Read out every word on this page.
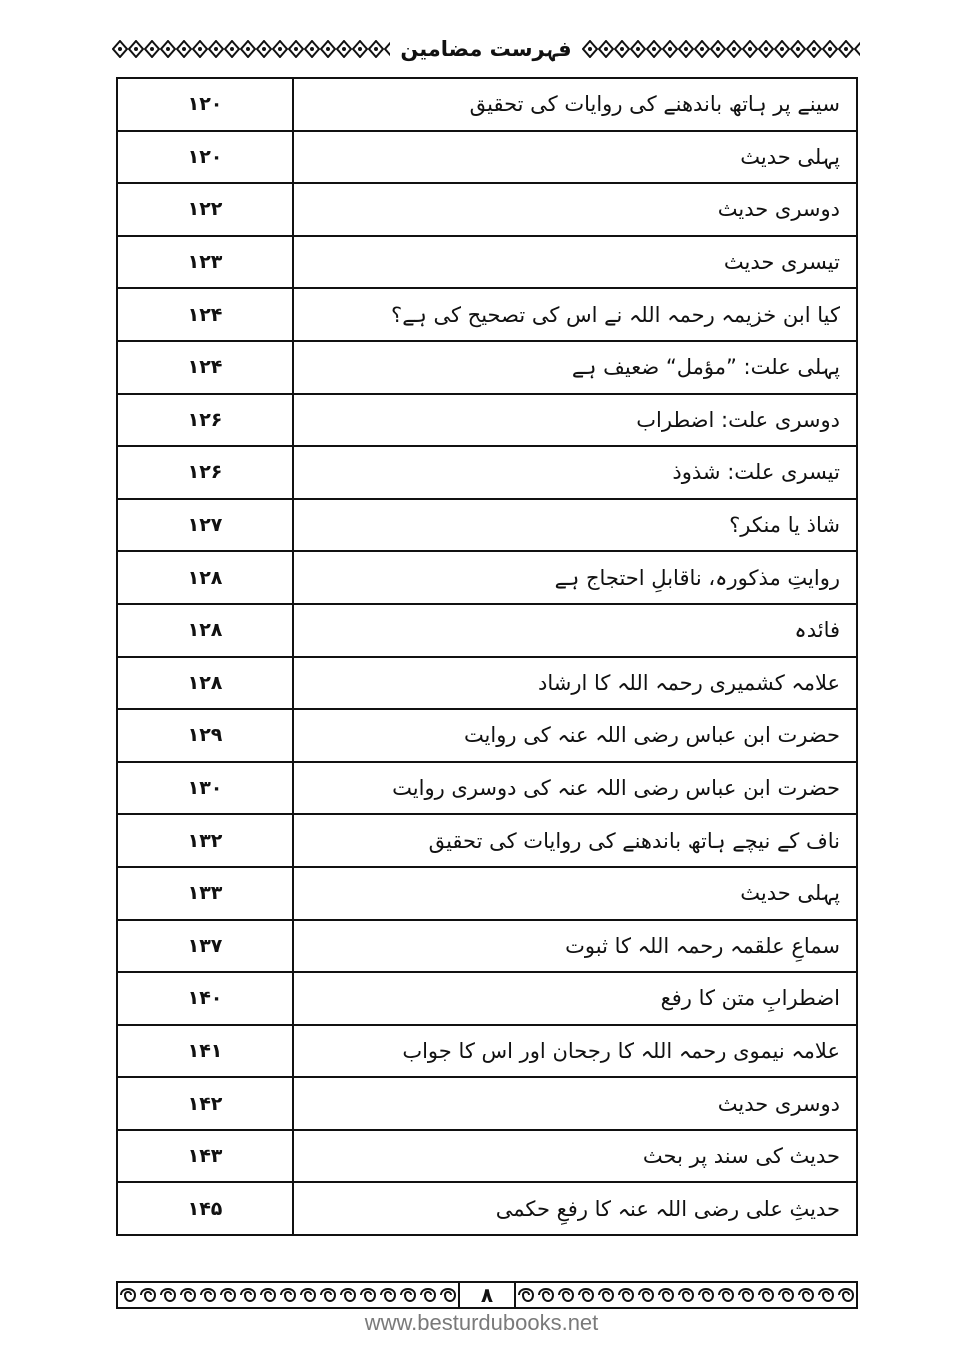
فہرست مضامین
۱۲۰	سینے پر ہاتھ باندھنے کی روایات کی تحقیق
۱۲۰	پہلی حدیث
۱۲۲	دوسری حدیث
۱۲۳	تیسری حدیث
۱۲۴	کیا ابن خزیمہ رحمہ اللہ نے اس کی تصحیح کی ہے؟
۱۲۴	پہلی علت: ”مؤمل“ ضعیف ہے
۱۲۶	دوسری علت: اضطراب
۱۲۶	تیسری علت: شذوذ
۱۲۷	شاذ یا منکر؟
۱۲۸	روایتِ مذکورہ، ناقابلِ احتجاج ہے
۱۲۸	فائدہ
۱۲۸	علامہ کشمیری رحمہ اللہ کا ارشاد
۱۲۹	حضرت ابن عباس رضی اللہ عنہ کی روایت
۱۳۰	حضرت ابن عباس رضی اللہ عنہ کی دوسری روایت
۱۳۲	ناف کے نیچے ہاتھ باندھنے کی روایات کی تحقیق
۱۳۳	پہلی حدیث
۱۳۷	سماعِ علقمہ رحمہ اللہ کا ثبوت
۱۴۰	اضطرابِ متن کا رفع
۱۴۱	علامہ نیموی رحمہ اللہ کا رجحان اور اس کا جواب
۱۴۲	دوسری حدیث
۱۴۳	حدیث کی سند پر بحث
۱۴۵	حدیثِ علی رضی اللہ عنہ کا رفعِ حکمی
۸
www.besturdubooks.net
